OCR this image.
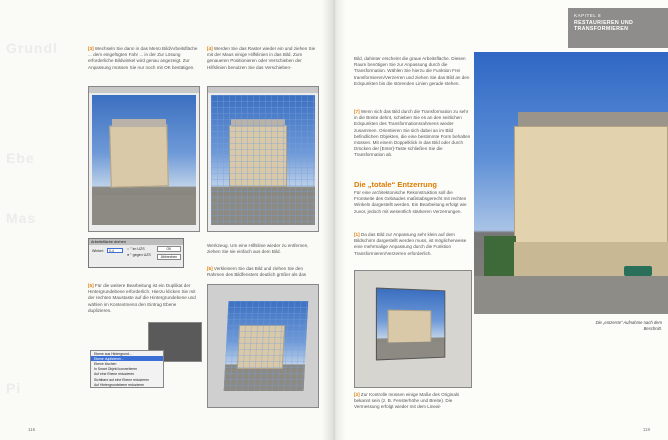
Grundl
Ebe
Mas
Pi
[3] Wechseln Sie dann in das Menü Bild/Arbeitsfläche ... dem eingefügten Fahr ... in der Zur Lösung erforderliche Bildwinkel wird genau angezeigt. Zur Anpassung müssen Sie nur noch mit OK bestätigen.
[4] Werden Sie das Raster wieder ein und ziehen Sie mit der Maus einige Hilfslinien in das Bild. Zum genaueren Positionieren oder Verschieben der Hilfslinien benutzen Sie das Verschieben-

Arbeitsfläche drehen
Winkel:	0,4	○ ° im UZS
● ° gegen UZS
OK
Abbrechen
[5] Für die weitere Bearbeitung ist ein Duplikat der Hintergrundebene erforderlich. Hierzu klicken Sie mit der rechten Maustaste auf die Hintergrundebene und wählen im Kontextmenü den Eintrag Ebene duplizieren.
Ebene aus Hintergrund...
Ebene duplizieren...
Ebene löschen
In Smart Objekt konvertieren
Auf eine Ebene reduzieren
Sichtbare auf eine Ebene reduzieren
Auf Hintergrundebene reduzieren
Werkzeug. Um eine Hilfslinie wieder zu entfernen, ziehen Sie sie einfach aus dem Bild.
[6] Verkleinern Sie das Bild und ziehen Sie den Rahmen des Bildfensters deutlich größer als das
116
Bild, dahinter erscheint die graue Arbeitsfläche. Diesen Raum benötigen Sie zur Anpassung durch die Transformation. Wählen Sie hierzu die Funktion Frei transformieren/Verzerren und ziehen Sie das Bild an den Eckpunkten bis die störenden Linien gerade stehen.
[7] Wenn sich das Bild durch die Transformation zu sehr in die Breite dehnt, schieben Sie es an den seitlichen Eckpunkten des Transformationsrahmens wieder zusammen. Orientieren Sie sich dabei an im Bild befindlichen Objekten, die eine bestimmte Form behalten müssen. Mit einem Doppelklick in das Bild oder durch Drücken der [Enter]-Taste schließen Sie die Transformation ab.
Die „totale“ Entzerrung
Für eine architektonische Rekonstruktion soll die Frontseite des Gebäudes maßstabsgerecht mit rechten Winkeln dargestellt werden. Ein Bearbeitung erfolgt wie zuvor, jedoch mit wesentlich stärkeren Verzerrungen.
[1] Da das Bild zur Anpassung sehr klein auf dem Bildschirm dargestellt werden muss, ist möglicherweise eine mehrmalige Anpassung durch die Funktion Transformieren/Verzerren erforderlich.
[2] Zur Kontrolle müssen einige Maße des Originals bekannt sein (z. B. Fensterhöhe und Breite). Die Vermessung erfolgt wieder mit dem Lineal-
Die „entzerrte“ Aufnahme nach dem Beschnitt.
119
KAPITEL 8
RESTAURIEREN UND
TRANSFORMIEREN
